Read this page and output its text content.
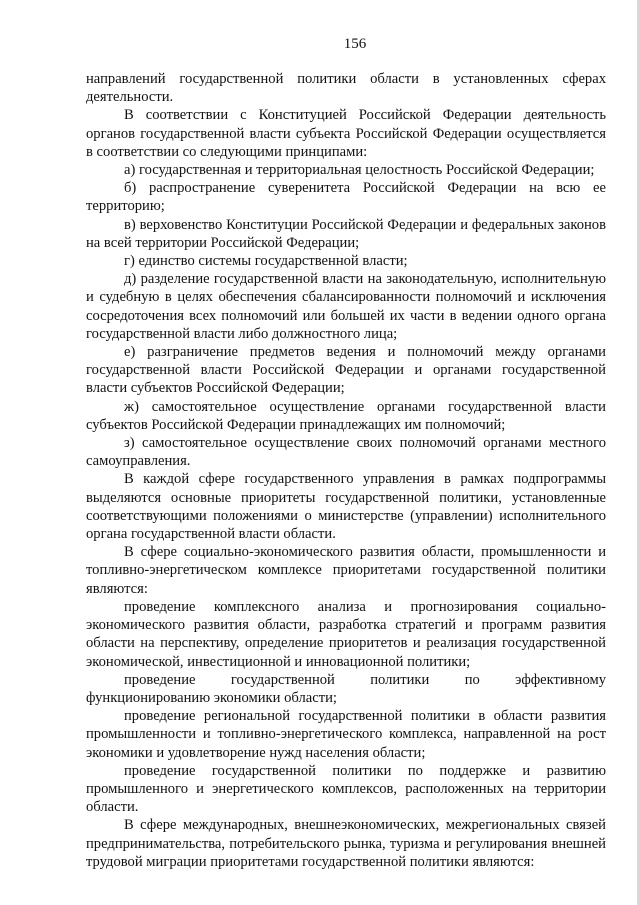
156

направлений государственной политики области в установленных сферах деятельности.

В соответствии с Конституцией Российской Федерации деятельность органов государственной власти субъекта Российской Федерации осуществляется в соответствии со следующими принципами:

а) государственная и территориальная целостность Российской Федерации;

б) распространение суверенитета Российской Федерации на всю ее территорию;

в) верховенство Конституции Российской Федерации и федеральных законов на всей территории Российской Федерации;

г) единство системы государственной власти;

д) разделение государственной власти на законодательную, исполнительную и судебную в целях обеспечения сбалансированности полномочий и исключения сосредоточения всех полномочий или большей их части в ведении одного органа государственной власти либо должностного лица;

е) разграничение предметов ведения и полномочий между органами государственной власти Российской Федерации и органами государственной власти субъектов Российской Федерации;

ж) самостоятельное осуществление органами государственной власти субъектов Российской Федерации принадлежащих им полномочий;

з) самостоятельное осуществление своих полномочий органами местного самоуправления.

В каждой сфере государственного управления в рамках подпрограммы выделяются основные приоритеты государственной политики, установленные соответствующими положениями о министерстве (управлении) исполнительного органа государственной власти области.

В сфере социально-экономического развития области, промышленности и топливно-энергетическом комплексе приоритетами государственной политики являются:

проведение комплексного анализа и прогнозирования социально-экономического развития области, разработка стратегий и программ развития области на перспективу, определение приоритетов и реализация государственной экономической, инвестиционной и инновационной политики;

проведение государственной политики по эффективному функционированию экономики области;

проведение региональной государственной политики в области развития промышленности и топливно-энергетического комплекса, направленной на рост экономики и удовлетворение нужд населения области;

проведение государственной политики по поддержке и развитию промышленного и энергетического комплексов, расположенных на территории области.

В сфере международных, внешнеэкономических, межрегиональных связей предпринимательства, потребительского рынка, туризма и регулирования внешней трудовой миграции приоритетами государственной политики являются:
